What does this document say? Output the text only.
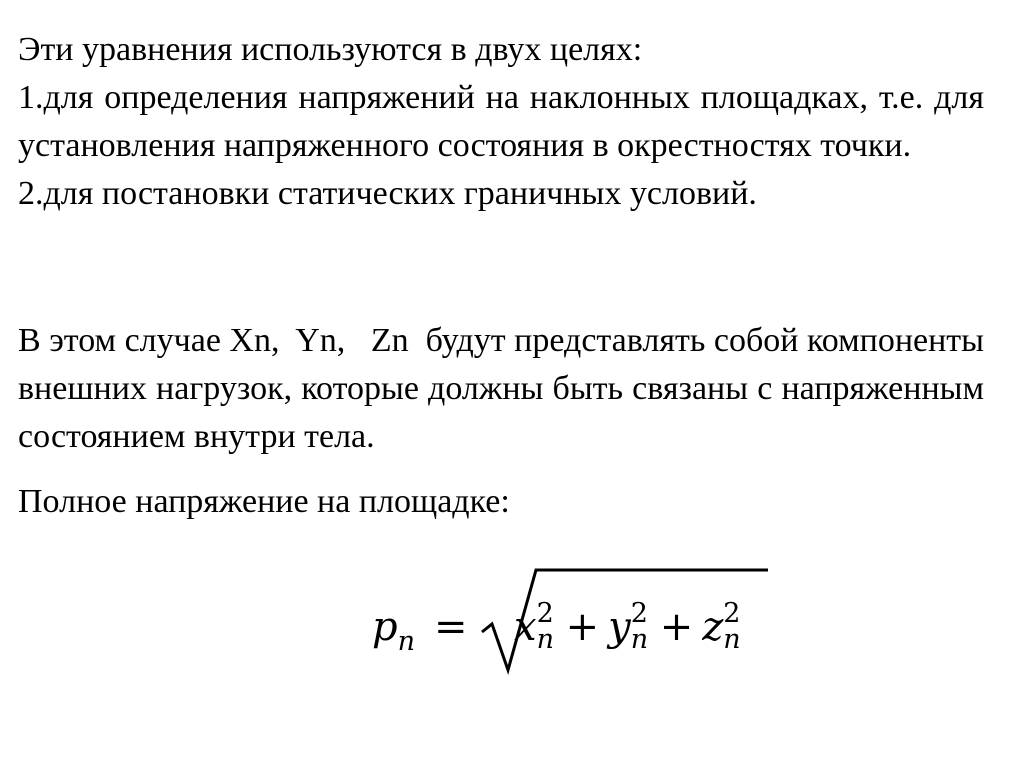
Эти уравнения используются в двух целях:

1.для определения напряжений на наклонных площадках, т.е. для установления напряженного состояния в окрестностях точки.

2.для постановки статических граничных условий.

В этом случае Xn,  Yn,   Zn  будут представлять собой компоненты внешних нагрузок, которые должны быть связаны с напряженным состоянием внутри тела.

Полное напряжение на площадке:

$p_n = x$ 2
n + y 2
n + z 2
n
